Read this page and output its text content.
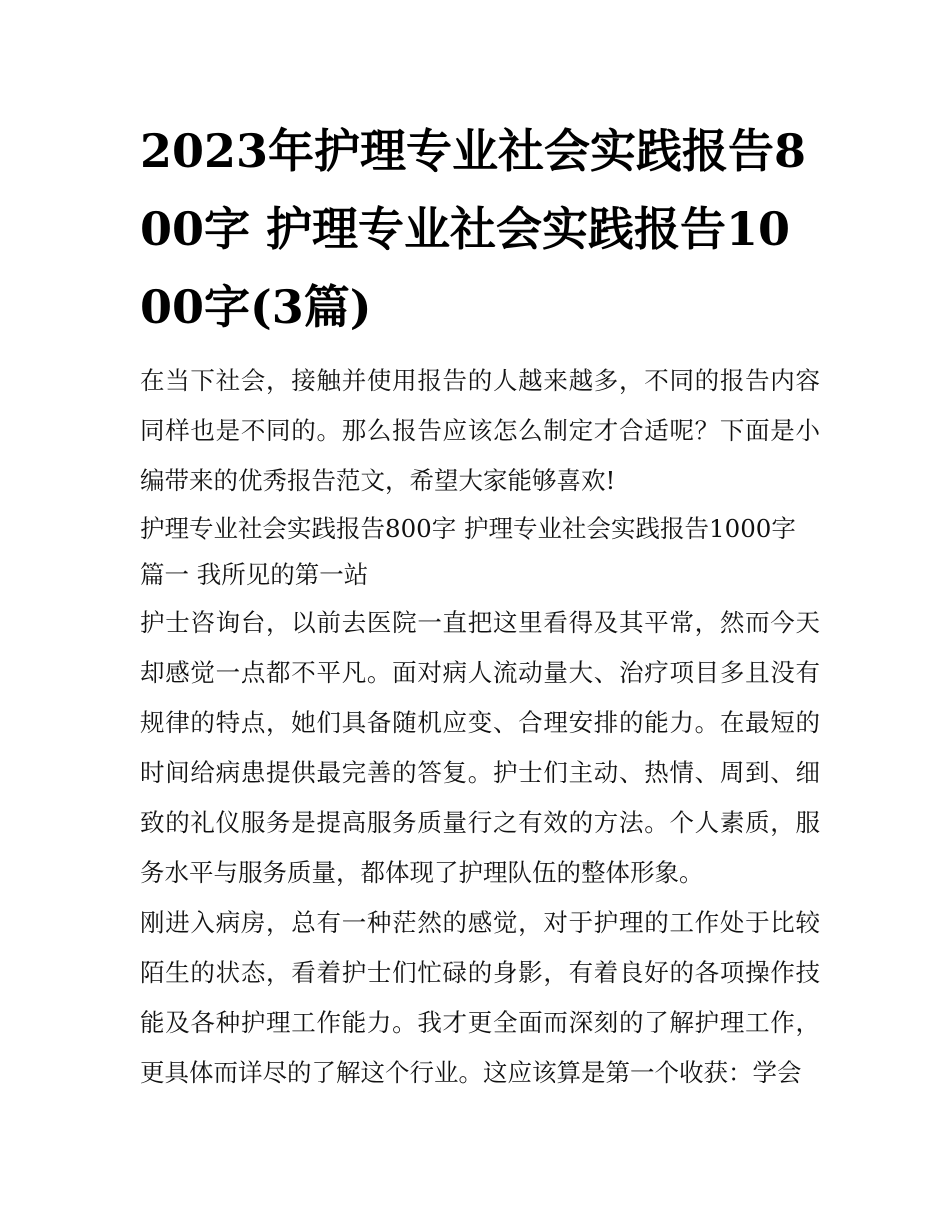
2023年护理专业社会实践报告800字 护理专业社会实践报告1000字(3篇)

在当下社会，接触并使用报告的人越来越多，不同的报告内容同样也是不同的。那么报告应该怎么制定才合适呢？下面是小编带来的优秀报告范文，希望大家能够喜欢!

护理专业社会实践报告800字 护理专业社会实践报告1000字

篇一 我所见的第一站

护士咨询台，以前去医院一直把这里看得及其平常，然而今天却感觉一点都不平凡。面对病人流动量大、治疗项目多且没有规律的特点，她们具备随机应变、合理安排的能力。在最短的时间给病患提供最完善的答复。护士们主动、热情、周到、细致的礼仪服务是提高服务质量行之有效的方法。个人素质，服务水平与服务质量，都体现了护理队伍的整体形象。

刚进入病房，总有一种茫然的感觉，对于护理的工作处于比较陌生的状态，看着护士们忙碌的身影，有着良好的各项操作技能及各种护理工作能力。我才更全面而深刻的了解护理工作，更具体而详尽的了解这个行业。这应该算是第一个收获：学会
